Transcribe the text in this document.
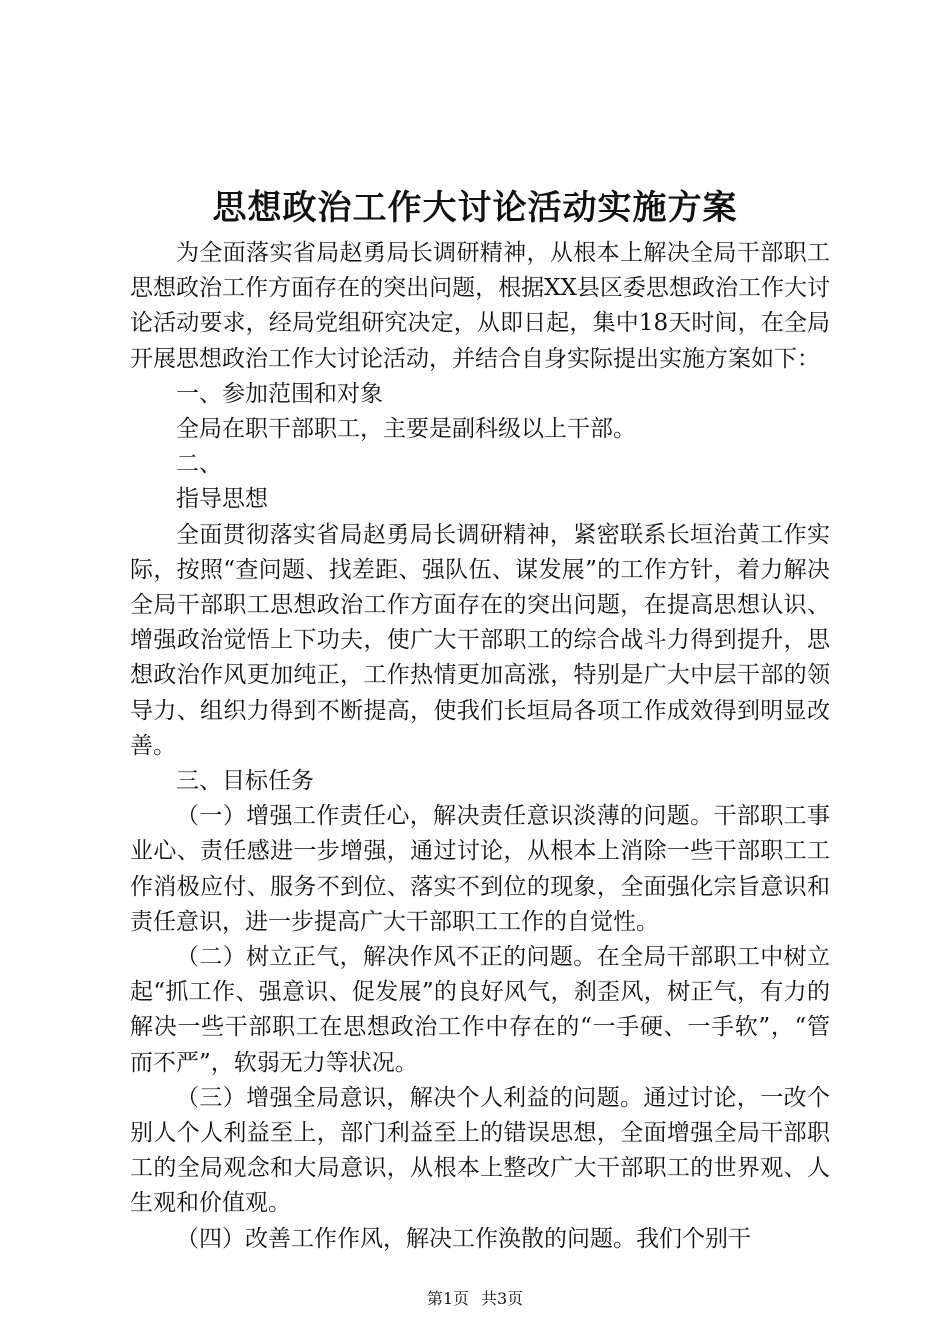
思想政治工作大讨论活动实施方案

为全面落实省局赵勇局长调研精神，从根本上解决全局干部职工思想政治工作方面存在的突出问题，根据XX县区委思想政治工作大讨论活动要求，经局党组研究决定，从即日起，集中18天时间，在全局开展思想政治工作大讨论活动，并结合自身实际提出实施方案如下：

一、参加范围和对象

全局在职干部职工，主要是副科级以上干部。

二、

指导思想

全面贯彻落实省局赵勇局长调研精神，紧密联系长垣治黄工作实际，按照“查问题、找差距、强队伍、谋发展”的工作方针，着力解决全局干部职工思想政治工作方面存在的突出问题，在提高思想认识、增强政治觉悟上下功夫，使广大干部职工的综合战斗力得到提升，思想政治作风更加纯正，工作热情更加高涨，特别是广大中层干部的领导力、组织力得到不断提高，使我们长垣局各项工作成效得到明显改善。

三、目标任务

（一）增强工作责任心，解决责任意识淡薄的问题。干部职工事业心、责任感进一步增强，通过讨论，从根本上消除一些干部职工工作消极应付、服务不到位、落实不到位的现象，全面强化宗旨意识和责任意识，进一步提高广大干部职工工作的自觉性。

（二）树立正气，解决作风不正的问题。在全局干部职工中树立起“抓工作、强意识、促发展”的良好风气，刹歪风，树正气，有力的解决一些干部职工在思想政治工作中存在的“一手硬、一手软”，“管而不严”，软弱无力等状况。

（三）增强全局意识，解决个人利益的问题。通过讨论，一改个别人个人利益至上，部门利益至上的错误思想，全面增强全局干部职工的全局观念和大局意识，从根本上整改广大干部职工的世界观、人生观和价值观。

（四）改善工作作风，解决工作涣散的问题。我们个别干

第1页 共3页
